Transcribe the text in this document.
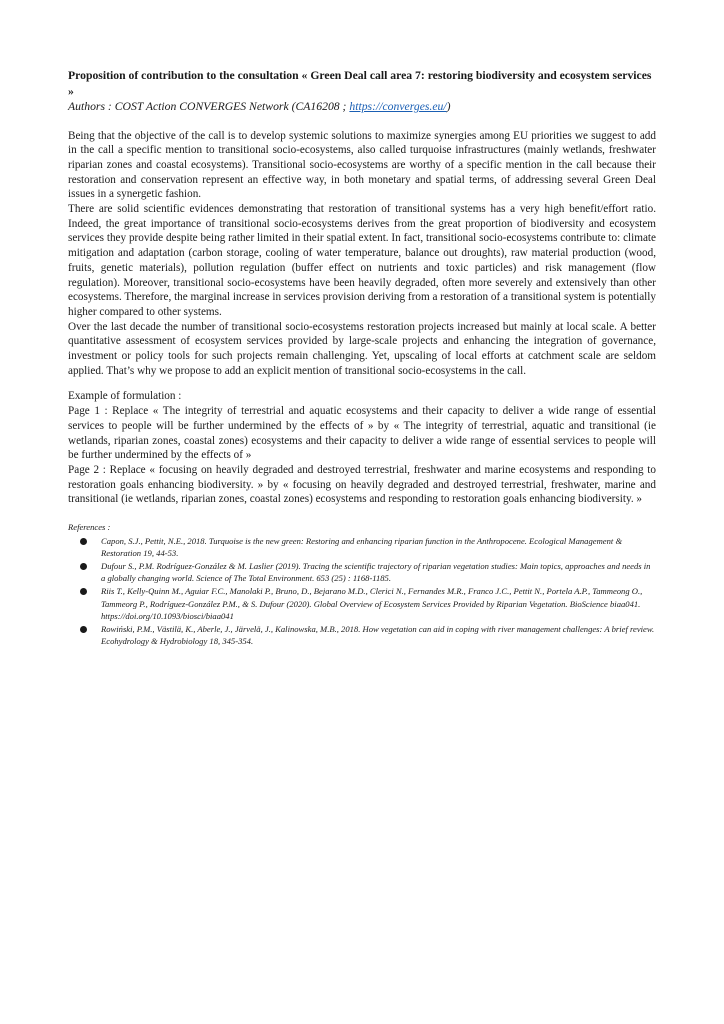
Proposition of contribution to the consultation « Green Deal call area 7: restoring biodiversity and ecosystem services »

Authors : COST Action CONVERGES Network (CA16208 ; https://converges.eu/)

Being that the objective of the call is to develop systemic solutions to maximize synergies among EU priorities we suggest to add in the call a specific mention to transitional socio-ecosystems, also called turquoise infrastructures (mainly wetlands, freshwater riparian zones and coastal ecosystems). Transitional socio-ecosystems are worthy of a specific mention in the call because their restoration and conservation represent an effective way, in both monetary and spatial terms, of addressing several Green Deal issues in a synergetic fashion.

There are solid scientific evidences demonstrating that restoration of transitional systems has a very high benefit/effort ratio. Indeed, the great importance of transitional socio-ecosystems derives from the great proportion of biodiversity and ecosystem services they provide despite being rather limited in their spatial extent. In fact, transitional socio-ecosystems contribute to: climate mitigation and adaptation (carbon storage, cooling of water temperature, balance out droughts), raw material production (wood, fruits, genetic materials), pollution regulation (buffer effect on nutrients and toxic particles) and risk management (flow regulation). Moreover, transitional socio-ecosystems have been heavily degraded, often more severely and extensively than other ecosystems. Therefore, the marginal increase in services provision deriving from a restoration of a transitional system is potentially higher compared to other systems.

Over the last decade the number of transitional socio-ecosystems restoration projects increased but mainly at local scale. A better quantitative assessment of ecosystem services provided by large-scale projects and enhancing the integration of governance, investment or policy tools for such projects remain challenging. Yet, upscaling of local efforts at catchment scale are seldom applied. That’s why we propose to add an explicit mention of transitional socio-ecosystems in the call.

Example of formulation :

Page 1 : Replace « The integrity of terrestrial and aquatic ecosystems and their capacity to deliver a wide range of essential services to people will be further undermined by the effects of » by « The integrity of terrestrial, aquatic and transitional (ie wetlands, riparian zones, coastal zones) ecosystems and their capacity to deliver a wide range of essential services to people will be further undermined by the effects of »

Page 2 : Replace « focusing on heavily degraded and destroyed terrestrial, freshwater and marine ecosystems and responding to restoration goals enhancing biodiversity. » by « focusing on heavily degraded and destroyed terrestrial, freshwater, marine and transitional (ie wetlands, riparian zones, coastal zones) ecosystems and responding to restoration goals enhancing biodiversity. »

References :

Capon, S.J., Pettit, N.E., 2018. Turquoise is the new green: Restoring and enhancing riparian function in the Anthropocene. Ecological Management & Restoration 19, 44-53.
Dufour S., P.M. Rodríguez-González & M. Laslier (2019). Tracing the scientific trajectory of riparian vegetation studies: Main topics, approaches and needs in a globally changing world. Science of The Total Environment. 653 (25) : 1168-1185.
Riis T., Kelly-Quinn M., Aguiar F.C., Manolaki P., Bruno, D., Bejarano M.D., Clerici N., Fernandes M.R., Franco J.C., Pettit N., Portela A.P., Tammeong O., Tammeorg P., Rodríguez-González P.M., & S. Dufour (2020). Global Overview of Ecosystem Services Provided by Riparian Vegetation. BioScience biaa041. https://doi.org/10.1093/biosci/biaa041
Rowiński, P.M., Västilä, K., Aberle, J., Järvelä, J., Kalinowska, M.B., 2018. How vegetation can aid in coping with river management challenges: A brief review. Ecohydrology & Hydrobiology 18, 345-354.
